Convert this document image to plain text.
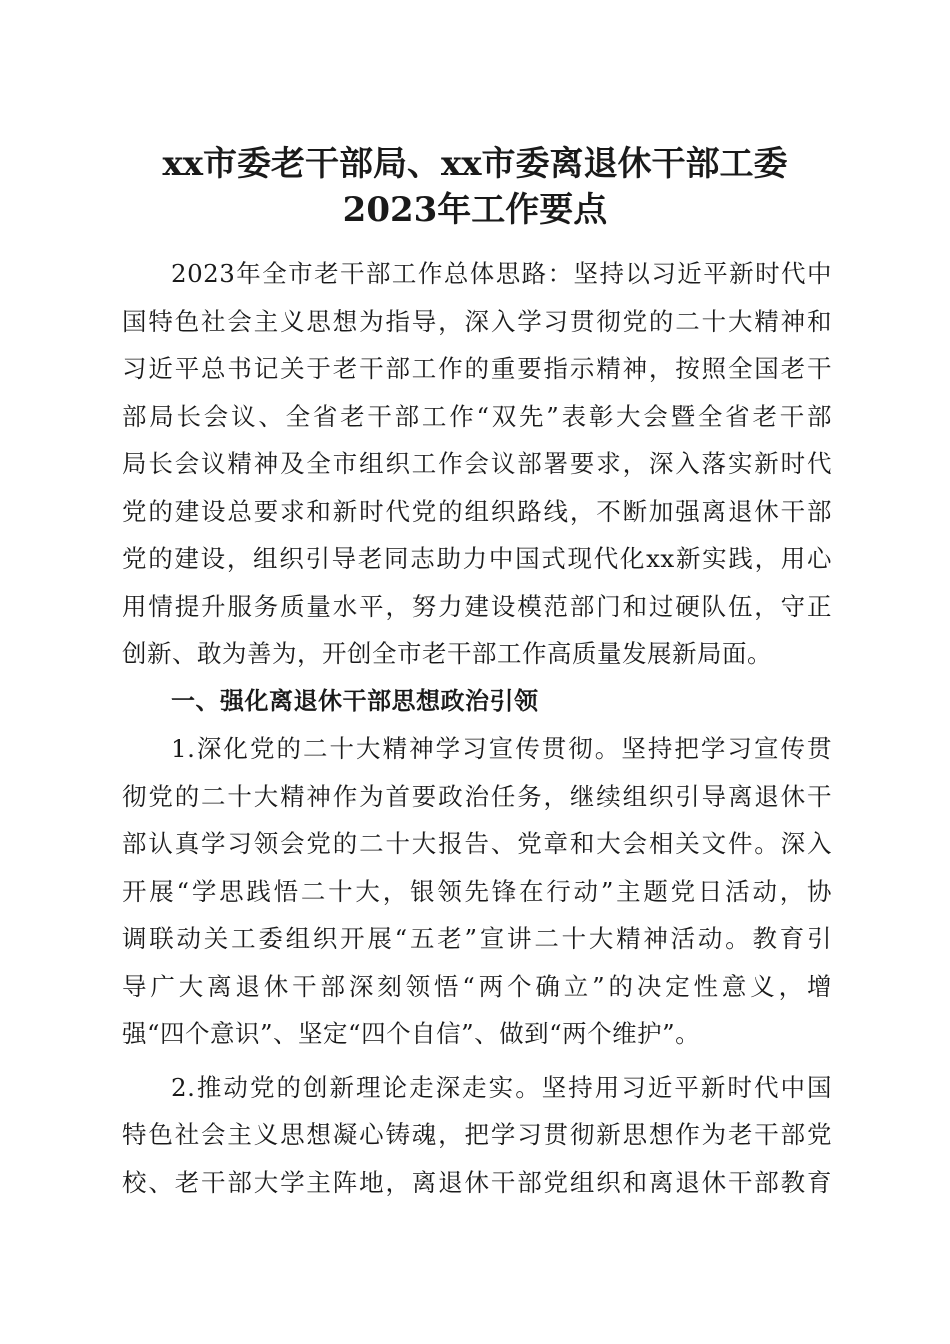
xx市委老干部局、xx市委离退休干部工委
2023年工作要点
2023年全市老干部工作总体思路：坚持以习近平新时代中
国特色社会主义思想为指导，深入学习贯彻党的二十大精神和
习近平总书记关于老干部工作的重要指示精神，按照全国老干
部局长会议、全省老干部工作“双先”表彰大会暨全省老干部
局长会议精神及全市组织工作会议部署要求，深入落实新时代
党的建设总要求和新时代党的组织路线，不断加强离退休干部
党的建设，组织引导老同志助力中国式现代化xx新实践，用心
用情提升服务质量水平，努力建设模范部门和过硬队伍，守正
创新、敢为善为，开创全市老干部工作高质量发展新局面。
一、强化离退休干部思想政治引领
1.深化党的二十大精神学习宣传贯彻。坚持把学习宣传贯
彻党的二十大精神作为首要政治任务，继续组织引导离退休干
部认真学习领会党的二十大报告、党章和大会相关文件。深入
开展“学思践悟二十大，银领先锋在行动”主题党日活动，协
调联动关工委组织开展“五老”宣讲二十大精神活动。教育引
导广大离退休干部深刻领悟“两个确立”的决定性意义，增
强“四个意识”、坚定“四个自信”、做到“两个维护”。
2.推动党的创新理论走深走实。坚持用习近平新时代中国
特色社会主义思想凝心铸魂，把学习贯彻新思想作为老干部党
校、老干部大学主阵地，离退休干部党组织和离退休干部教育
